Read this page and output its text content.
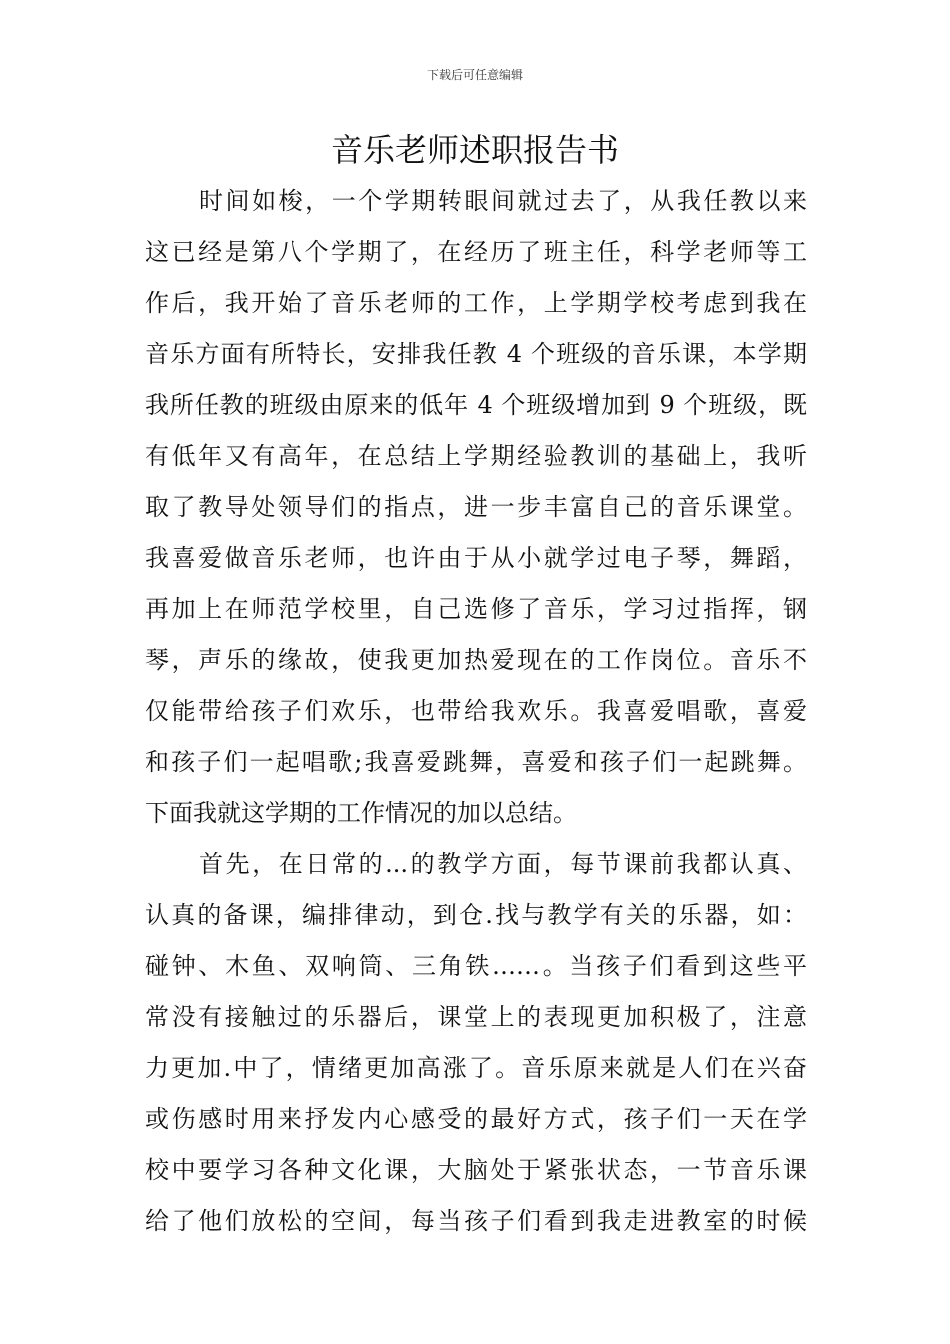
下载后可任意编辑
音乐老师述职报告书
时间如梭，一个学期转眼间就过去了，从我任教以来
这已经是第八个学期了，在经历了班主任，科学老师等工
作后，我开始了音乐老师的工作，上学期学校考虑到我在
音乐方面有所特长，安排我任教 4 个班级的音乐课，本学期
我所任教的班级由原来的低年 4 个班级增加到 9 个班级，既
有低年又有高年，在总结上学期经验教训的基础上，我听
取了教导处领导们的指点，进一步丰富自己的音乐课堂。
我喜爱做音乐老师，也许由于从小就学过电子琴，舞蹈，
再加上在师范学校里，自己选修了音乐，学习过指挥，钢
琴，声乐的缘故，使我更加热爱现在的工作岗位。音乐不
仅能带给孩子们欢乐，也带给我欢乐。我喜爱唱歌，喜爱
和孩子们一起唱歌;我喜爱跳舞，喜爱和孩子们一起跳舞。
下面我就这学期的工作情况的加以总结。
首先，在日常的...的教学方面，每节课前我都认真、
认真的备课，编排律动，到仓.找与教学有关的乐器，如：
碰钟、木鱼、双响筒、三角铁……。当孩子们看到这些平
常没有接触过的乐器后，课堂上的表现更加积极了，注意
力更加.中了，情绪更加高涨了。音乐原来就是人们在兴奋
或伤感时用来抒发内心感受的最好方式，孩子们一天在学
校中要学习各种文化课，大脑处于紧张状态，一节音乐课
给了他们放松的空间，每当孩子们看到我走进教室的时候
